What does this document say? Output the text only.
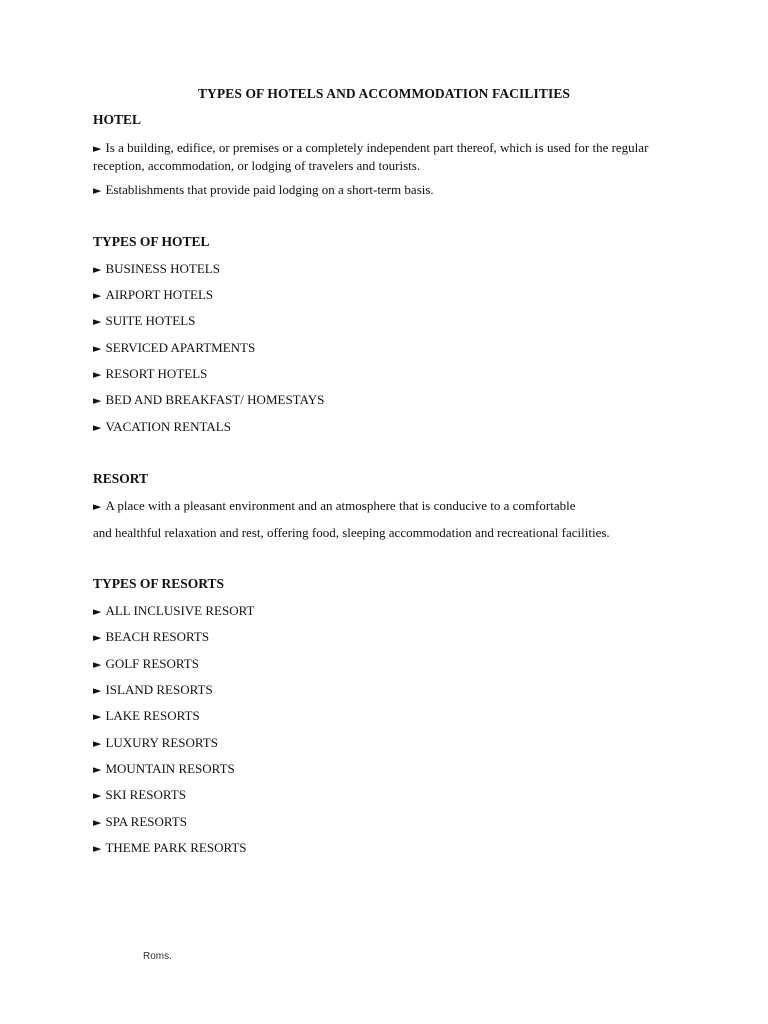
TYPES OF HOTELS AND ACCOMMODATION FACILITIES
HOTEL
► Is a building, edifice, or premises or a completely independent part thereof, which is used for the regular reception, accommodation, or lodging of travelers and tourists.
► Establishments that provide paid lodging on a short-term basis.
TYPES OF HOTEL
► BUSINESS HOTELS
► AIRPORT HOTELS
► SUITE HOTELS
► SERVICED APARTMENTS
► RESORT HOTELS
► BED AND BREAKFAST/ HOMESTAYS
► VACATION RENTALS
RESORT
► A place with a pleasant environment and an atmosphere that is conducive to a comfortable
and healthful relaxation and rest, offering food, sleeping accommodation and recreational facilities.
TYPES OF RESORTS
► ALL INCLUSIVE RESORT
► BEACH RESORTS
► GOLF RESORTS
► ISLAND RESORTS
► LAKE RESORTS
► LUXURY RESORTS
► MOUNTAIN RESORTS
► SKI RESORTS
► SPA RESORTS
► THEME PARK RESORTS
Roms.
